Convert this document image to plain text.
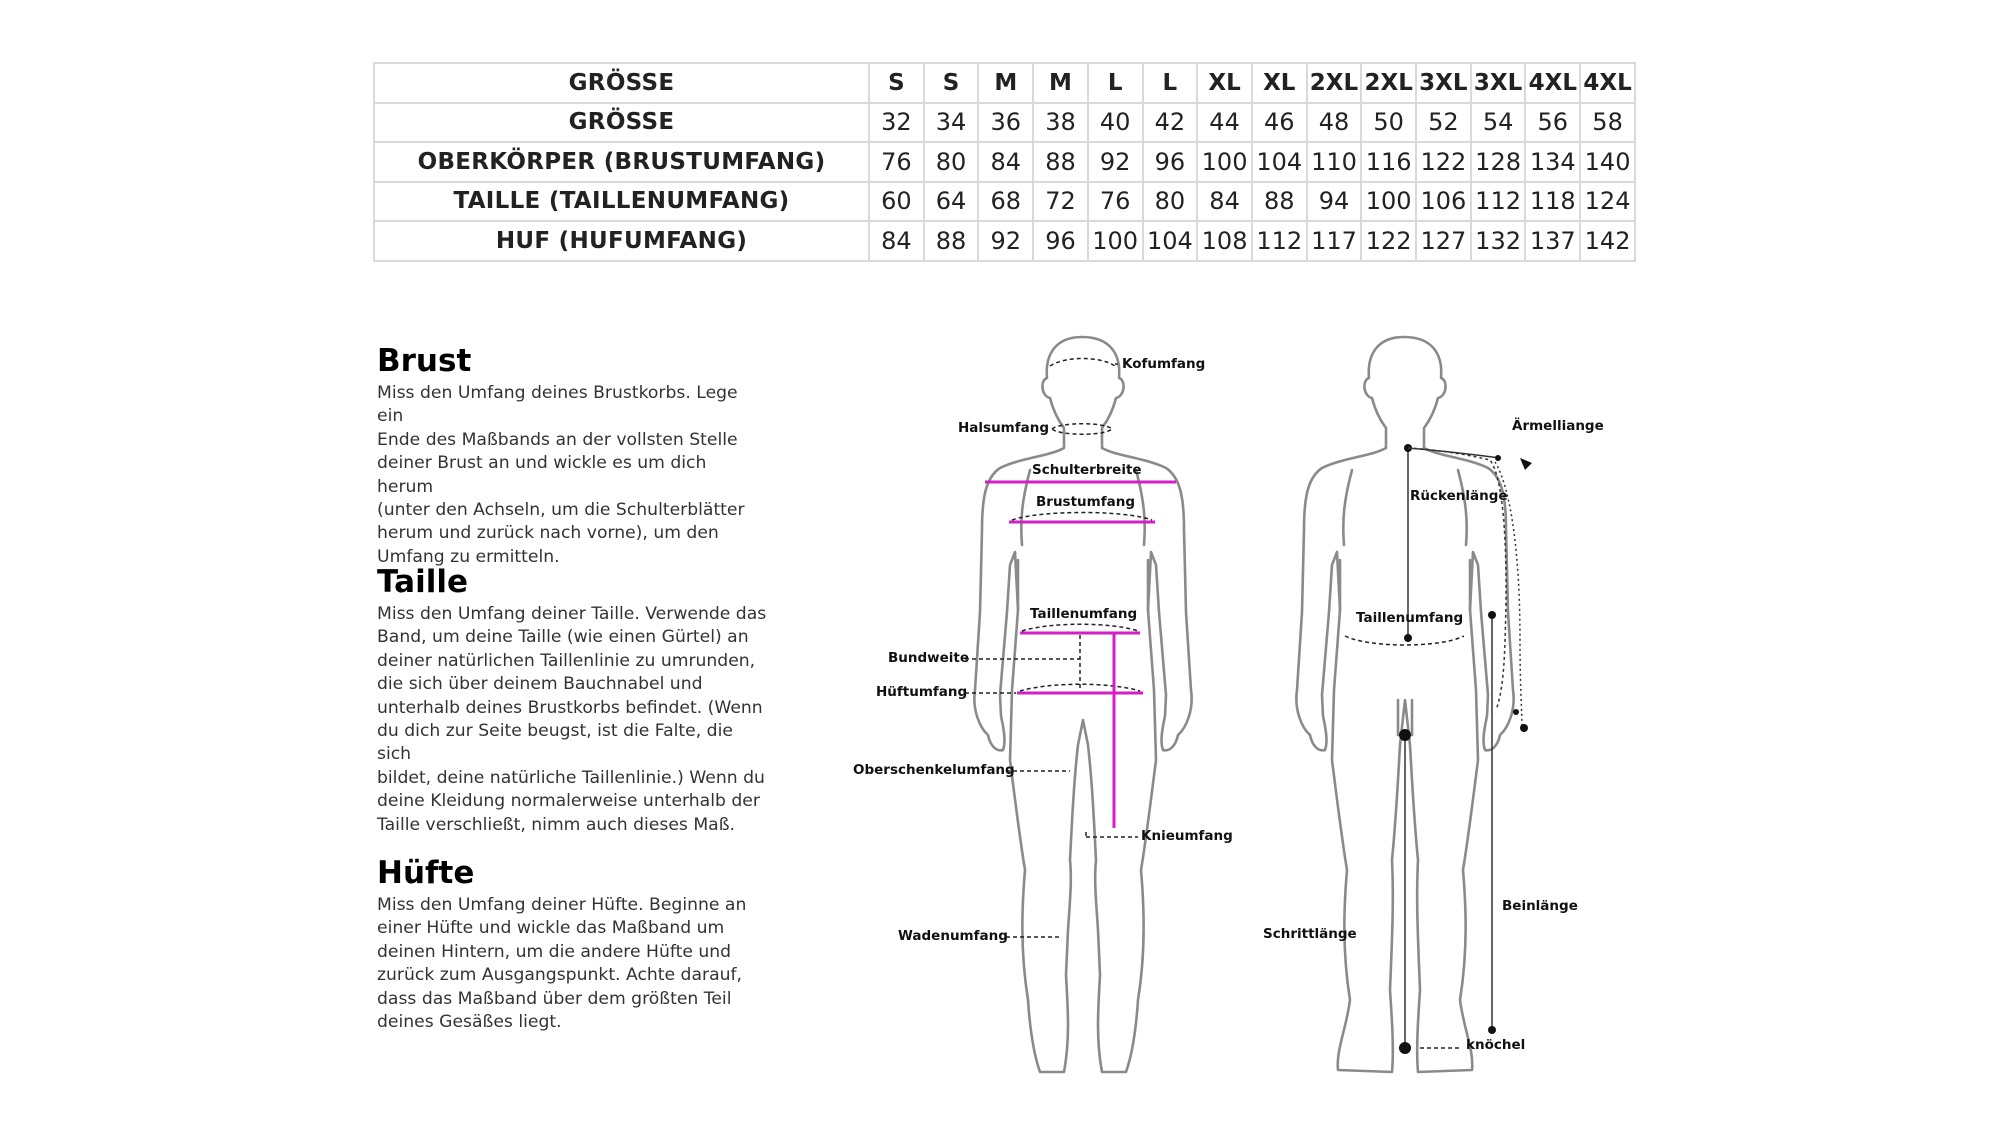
GRÖSSE	S	S	M	M	L	L	XL	XL	2XL	2XL	3XL	3XL	4XL	4XL
GRÖSSE	32	34	36	38	40	42	44	46	48	50	52	54	56	58
OBERKÖRPER (BRUSTUMFANG)	76	80	84	88	92	96	100	104	110	116	122	128	134	140
TAILLE (TAILLENUMFANG)	60	64	68	72	76	80	84	88	94	100	106	112	118	124
HUF (HUFUMFANG)	84	88	92	96	100	104	108	112	117	122	127	132	137	142
Brust

Miss den Umfang deines Brustkorbs. Lege ein
Ende des Maßbands an der vollsten Stelle
deiner Brust an und wickle es um dich herum
(unter den Achseln, um die Schulterblätter
herum und zurück nach vorne), um den
Umfang zu ermitteln.

Taille

Miss den Umfang deiner Taille. Verwende das
Band, um deine Taille (wie einen Gürtel) an
deiner natürlichen Taillenlinie zu umrunden,
die sich über deinem Bauchnabel und
unterhalb deines Brustkorbs befindet. (Wenn
du dich zur Seite beugst, ist die Falte, die sich
bildet, deine natürliche Taillenlinie.) Wenn du
deine Kleidung normalerweise unterhalb der
Taille verschließt, nimm auch dieses Maß.

Hüfte

Miss den Umfang deiner Hüfte. Beginne an
einer Hüfte und wickle das Maßband um
deinen Hintern, um die andere Hüfte und
zurück zum Ausgangspunkt. Achte darauf,
dass das Maßband über dem größten Teil
deines Gesäßes liegt.

Kofumfang
Halsumfang
Schulterbreite
Brustumfang
Taillenumfang
Bundweite
Hüftumfang
Oberschenkelumfang
Knieumfang
Wadenumfang
Rückenlänge
Taillenumfang
Ärmelliange
Schrittlänge
Beinlänge
knöchel
